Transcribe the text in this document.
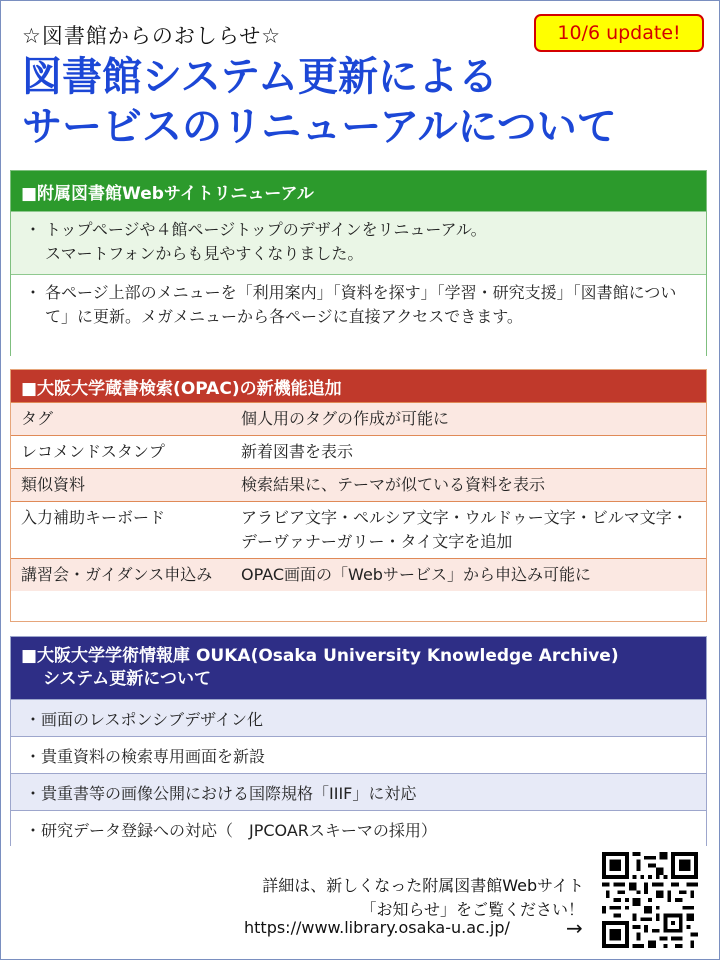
☆図書館からのおしらせ☆	10/6 update!
図書館システム更新による
サービスのリニューアルについて
■附属図書館Webサイトリニューアル
・ トップページや４館ページトップのデザインをリニューアル。
スマートフォンからも見やすくなりました。
・ 各ページ上部のメニューを「利用案内」「資料を探す」「学習・研究支援」「図書館について」に更新。メガメニューから各ページに直接アクセスできます。
■大阪大学蔵書検索(OPAC)の新機能追加
タグ	個人用のタグの作成が可能に
レコメンドスタンプ	新着図書を表示
類似資料	検索結果に、テーマが似ている資料を表示
入力補助キーボード	アラビア文字・ペルシア文字・ウルドゥー文字・ビルマ文字・デーヴァナーガリー・タイ文字を追加
講習会・ガイダンス申込み	OPAC画面の「Webサービス」から申込み可能に
■大阪大学学術情報庫 OUKA(Osaka University Knowledge Archive)
システム更新について
・画面のレスポンシブデザイン化
・貴重資料の検索専用画面を新設
・貴重書等の画像公開における国際規格「IIIF」に対応
・研究データ登録への対応（　JPCOARスキーマの採用）
詳細は、新しくなった附属図書館Webサイト
「お知らせ」をご覧ください！
https://www.library.osaka-u.ac.jp/	→
